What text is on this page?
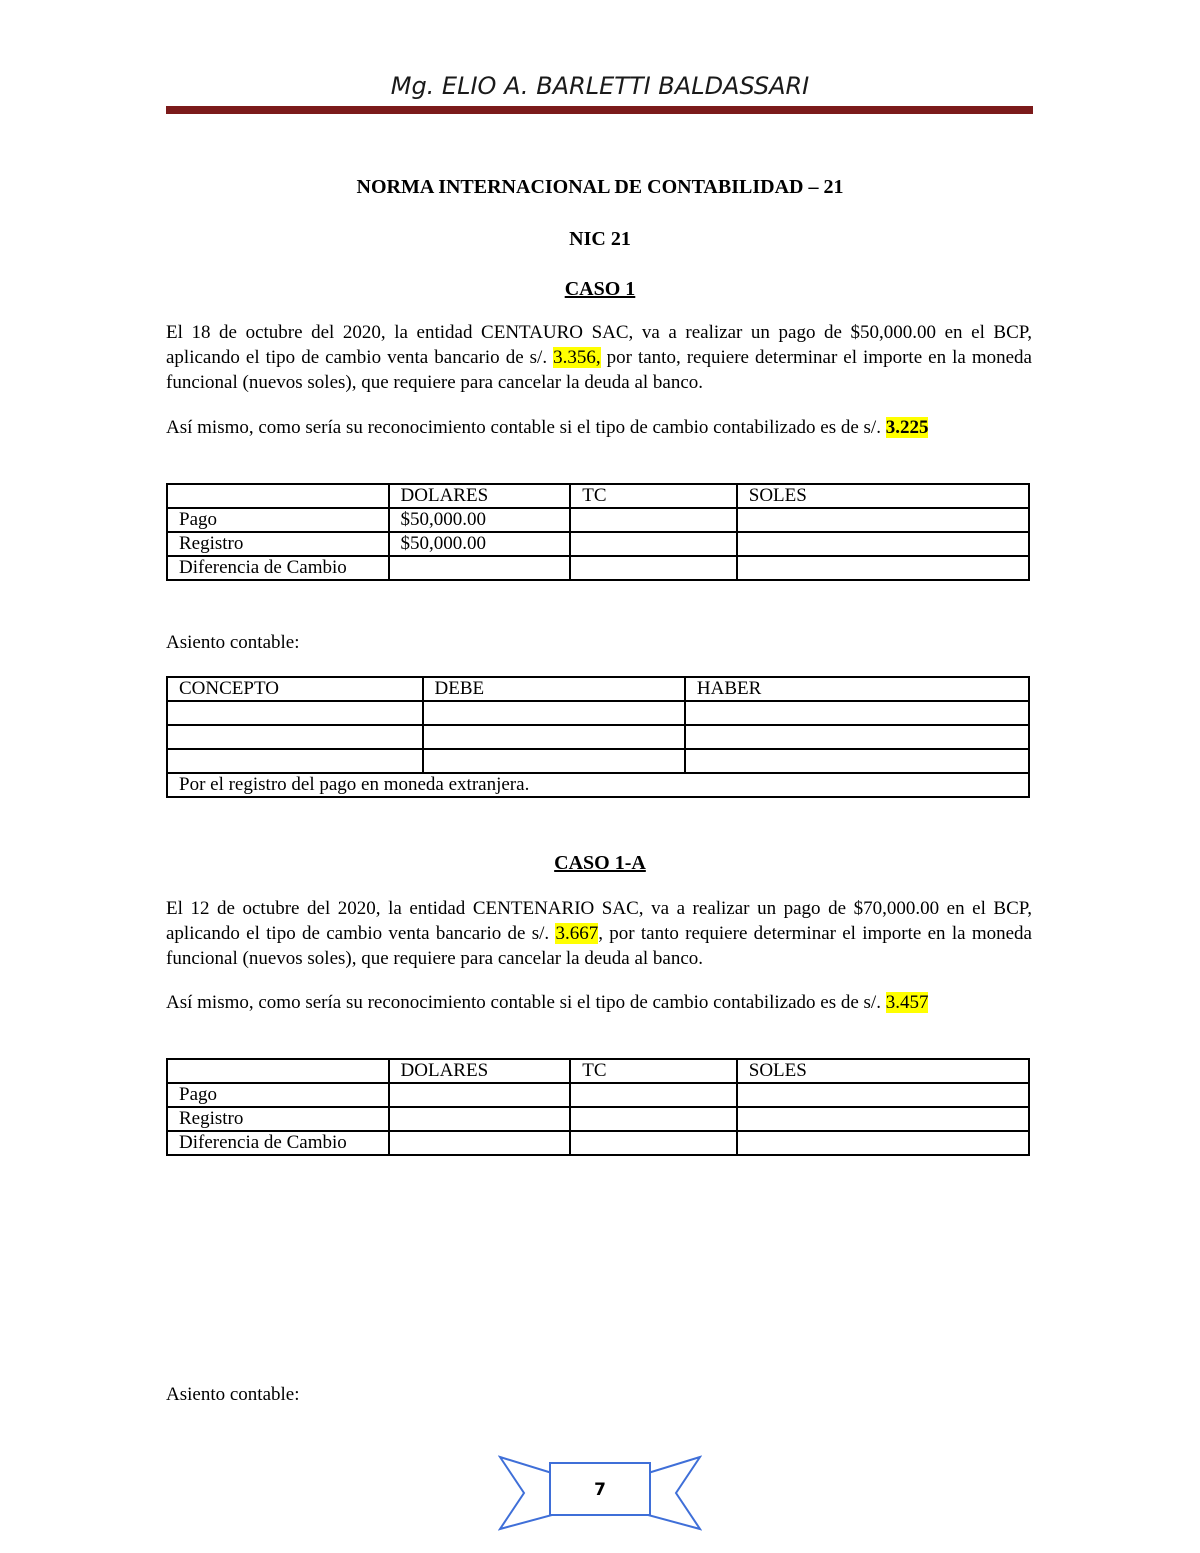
Mg. ELIO A. BARLETTI BALDASSARI
NORMA INTERNACIONAL DE CONTABILIDAD – 21
NIC 21
CASO 1
El 18 de octubre del 2020, la entidad CENTAURO SAC, va a realizar un pago de $50,000.00 en el BCP, aplicando el tipo de cambio venta bancario de s/. 3.356, por tanto, requiere determinar el importe en la moneda funcional (nuevos soles), que requiere para cancelar la deuda al banco.
Así mismo, como sería su reconocimiento contable si el tipo de cambio contabilizado es de s/. 3.225
	DOLARES	TC	SOLES
Pago	$50,000.00		
Registro	$50,000.00		
Diferencia de Cambio			
Asiento contable:
CONCEPTO	DEBE	HABER

Por el registro del pago en moneda extranjera.		
CASO 1-A
El 12 de octubre del 2020, la entidad CENTENARIO SAC, va a realizar un pago de $70,000.00 en el BCP, aplicando el tipo de cambio venta bancario de s/. 3.667, por tanto requiere determinar el importe en la moneda funcional (nuevos soles), que requiere para cancelar la deuda al banco.
Así mismo, como sería su reconocimiento contable si el tipo de cambio contabilizado es de s/. 3.457
	DOLARES	TC	SOLES
Pago			
Registro			
Diferencia de Cambio			
Asiento contable:
7
